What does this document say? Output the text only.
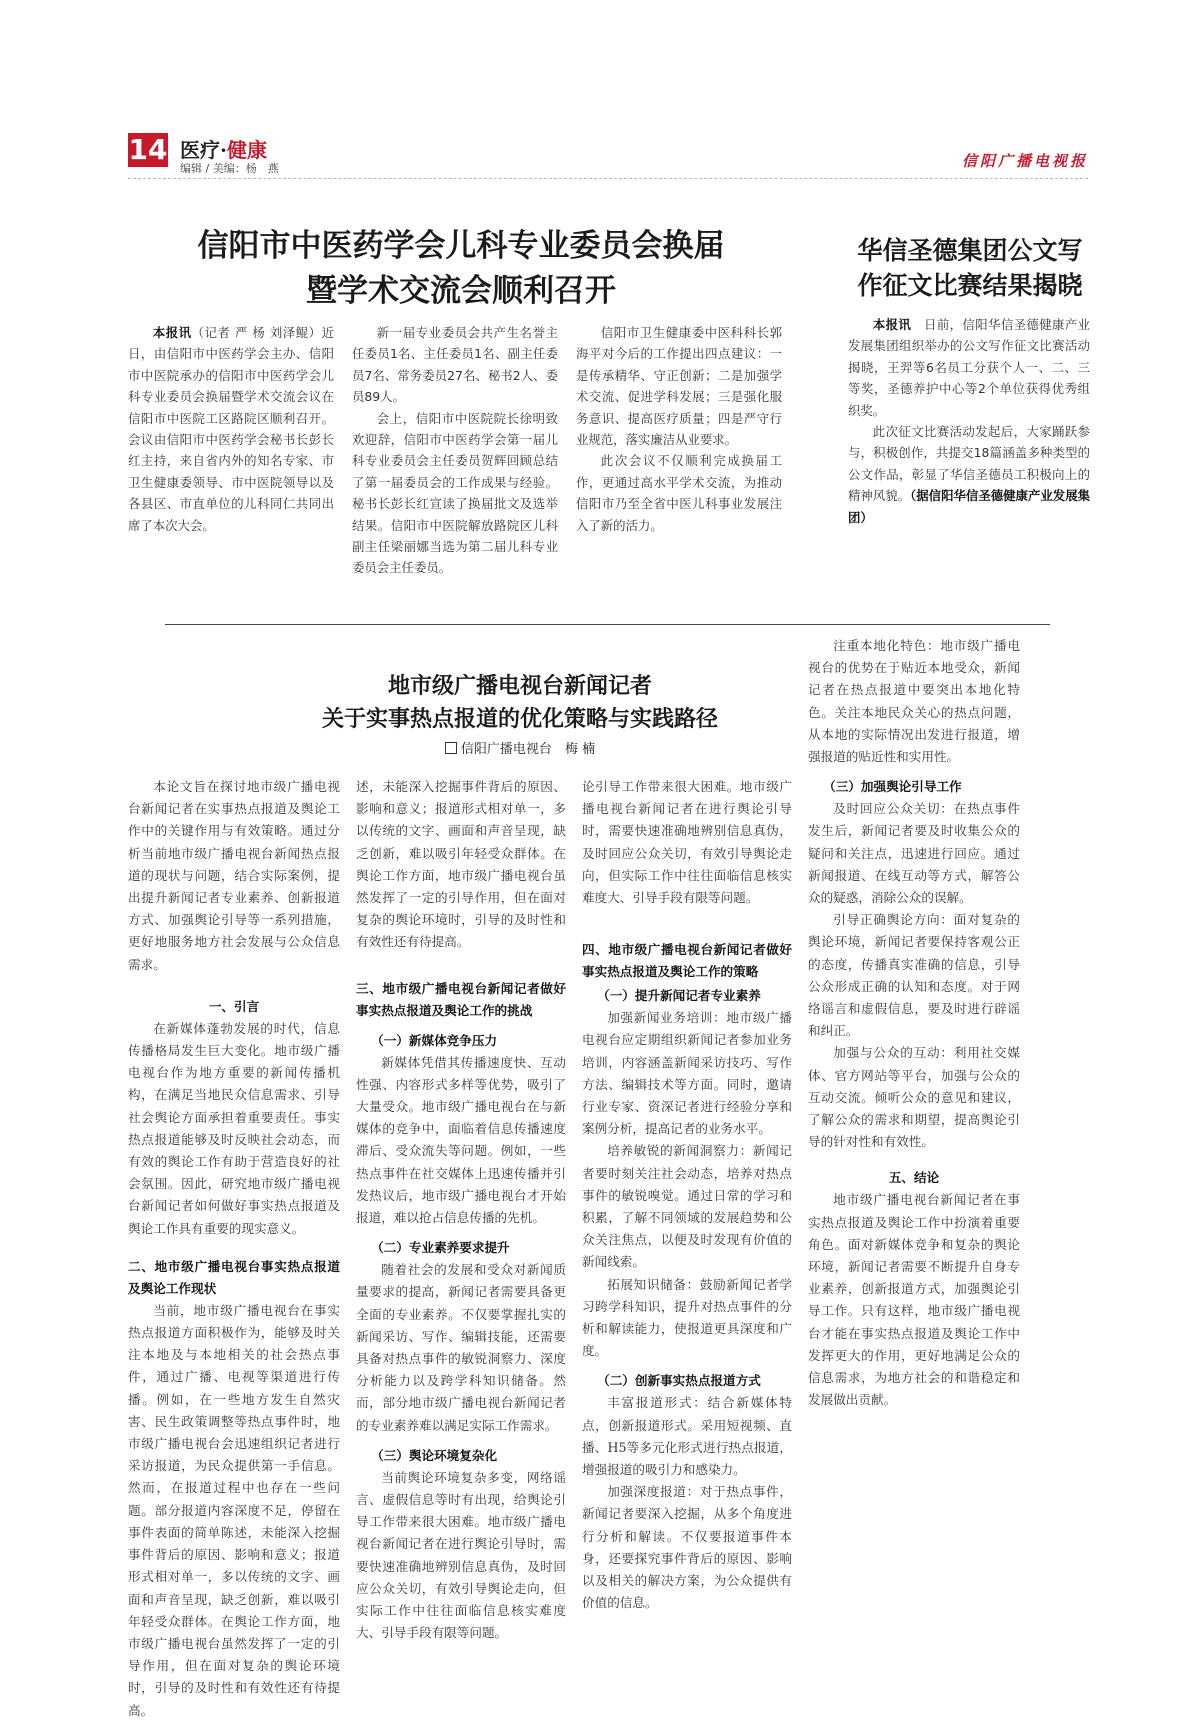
14 医疗·健康
编辑 / 美编：杨　燕	信阳广播电视报
信阳市中医药学会儿科专业委员会换届
暨学术交流会顺利召开

本报讯（记者 严 杨 刘泽鲲）近日，由信阳市中医药学会主办、信阳市中医院承办的信阳市中医药学会儿科专业委员会换届暨学术交流会议在信阳市中医院工区路院区顺利召开。会议由信阳市中医药学会秘书长彭长红主持，来自省内外的知名专家、市卫生健康委领导、市中医院领导以及各县区、市直单位的儿科同仁共同出席了本次大会。

新一届专业委员会共产生名誉主任委员1名、主任委员1名、副主任委员7名、常务委员27名、秘书2人、委员89人。

会上，信阳市中医院院长徐明致欢迎辞，信阳市中医药学会第一届儿科专业委员会主任委员贺辉回顾总结了第一届委员会的工作成果与经验。秘书长彭长红宣读了换届批文及选举结果。信阳市中医院解放路院区儿科副主任梁丽娜当选为第二届儿科专业委员会主任委员。

信阳市卫生健康委中医科科长郭海平对今后的工作提出四点建议：一是传承精华、守正创新；二是加强学术交流、促进学科发展；三是强化服务意识、提高医疗质量；四是严守行业规范，落实廉洁从业要求。

此次会议不仅顺利完成换届工作，更通过高水平学术交流，为推动信阳市乃至全省中医儿科事业发展注入了新的活力。

华信圣德集团公文写
作征文比赛结果揭晓

本报讯　 日前，信阳华信圣德健康产业发展集团组织举办的公文写作征文比赛活动揭晓，王羿等6名员工分获个人一、二、三等奖，圣德养护中心等2个单位获得优秀组织奖。

此次征文比赛活动发起后，大家踊跃参与，积极创作，共提交18篇涵盖多种类型的公文作品，彰显了华信圣德员工积极向上的精神风貌。（据信阳华信圣德健康产业发展集团）

地市级广播电视台新闻记者
关于实事热点报道的优化策略与实践路径
信阳广播电视台　 梅 楠

本论文旨在探讨地市级广播电视台新闻记者在实事热点报道及舆论工作中的关键作用与有效策略。通过分析当前地市级广播电视台新闻热点报道的现状与问题，结合实际案例，提出提升新闻记者专业素养、创新报道方式、加强舆论引导等一系列措施，更好地服务地方社会发展与公众信息需求。

一、引言

在新媒体蓬勃发展的时代，信息传播格局发生巨大变化。地市级广播电视台作为地方重要的新闻传播机构，在满足当地民众信息需求、引导社会舆论方面承担着重要责任。事实热点报道能够及时反映社会动态，而有效的舆论工作有助于营造良好的社会氛围。因此，研究地市级广播电视台新闻记者如何做好事实热点报道及舆论工作具有重要的现实意义。

二、地市级广播电视台事实热点报道及舆论工作现状

当前，地市级广播电视台在事实热点报道方面积极作为，能够及时关注本地及与本地相关的社会热点事件，通过广播、电视等渠道进行传播。例如，在一些地方发生自然灾害、民生政策调整等热点事件时，地市级广播电视台会迅速组织记者进行采访报道，为民众提供第一手信息。然而，在报道过程中也存在一些问题。部分报道内容深度不足，停留在事件表面的简单陈述，未能深入挖掘事件背后的原因、影响和意义；报道形式相对单一，多以传统的文字、画面和声音呈现，缺乏创新，难以吸引年轻受众群体。在舆论工作方面，地市级广播电视台虽然发挥了一定的引导作用，但在面对复杂的舆论环境时，引导的及时性和有效性还有待提高。

述，未能深入挖掘事件背后的原因、影响和意义；报道形式相对单一，多以传统的文字、画面和声音呈现，缺乏创新，难以吸引年轻受众群体。在舆论工作方面，地市级广播电视台虽然发挥了一定的引导作用，但在面对复杂的舆论环境时，引导的及时性和有效性还有待提高。

三、地市级广播电视台新闻记者做好事实热点报道及舆论工作的挑战
（一）新媒体竞争压力

新媒体凭借其传播速度快、互动性强、内容形式多样等优势，吸引了大量受众。地市级广播电视台在与新媒体的竞争中，面临着信息传播速度滞后、受众流失等问题。例如，一些热点事件在社交媒体上迅速传播并引发热议后，地市级广播电视台才开始报道，难以抢占信息传播的先机。

（二）专业素养要求提升

随着社会的发展和受众对新闻质量要求的提高，新闻记者需要具备更全面的专业素养。不仅要掌握扎实的新闻采访、写作、编辑技能，还需要具备对热点事件的敏锐洞察力、深度分析能力以及跨学科知识储备。然而，部分地市级广播电视台新闻记者的专业素养难以满足实际工作需求。

（三）舆论环境复杂化

当前舆论环境复杂多变，网络谣言、虚假信息等时有出现，给舆论引导工作带来很大困难。地市级广播电视台新闻记者在进行舆论引导时，需要快速准确地辨别信息真伪，及时回应公众关切，有效引导舆论走向，但实际工作中往往面临信息核实难度大、引导手段有限等问题。

论引导工作带来很大困难。地市级广播电视台新闻记者在进行舆论引导时，需要快速准确地辨别信息真伪，及时回应公众关切，有效引导舆论走向，但实际工作中往往面临信息核实难度大、引导手段有限等问题。

四、地市级广播电视台新闻记者做好事实热点报道及舆论工作的策略
（一）提升新闻记者专业素养

加强新闻业务培训：地市级广播电视台应定期组织新闻记者参加业务培训，内容涵盖新闻采访技巧、写作方法、编辑技术等方面。同时，邀请行业专家、资深记者进行经验分享和案例分析，提高记者的业务水平。

培养敏锐的新闻洞察力：新闻记者要时刻关注社会动态，培养对热点事件的敏锐嗅觉。通过日常的学习和积累，了解不同领域的发展趋势和公众关注焦点，以便及时发现有价值的新闻线索。

拓展知识储备：鼓励新闻记者学习跨学科知识，提升对热点事件的分析和解读能力，使报道更具深度和广度。

（二）创新事实热点报道方式

丰富报道形式：结合新媒体特点，创新报道形式。采用短视频、直播、H5等多元化形式进行热点报道，增强报道的吸引力和感染力。

加强深度报道：对于热点事件，新闻记者要深入挖掘，从多个角度进行分析和解读。不仅要报道事件本身，还要探究事件背后的原因、影响以及相关的解决方案，为公众提供有价值的信息。

注重本地化特色：地市级广播电视台的优势在于贴近本地受众，新闻记者在热点报道中要突出本地化特色。关注本地民众关心的热点问题，从本地的实际情况出发进行报道，增强报道的贴近性和实用性。

（三）加强舆论引导工作

及时回应公众关切：在热点事件发生后，新闻记者要及时收集公众的疑问和关注点，迅速进行回应。通过新闻报道、在线互动等方式，解答公众的疑惑，消除公众的误解。

引导正确舆论方向：面对复杂的舆论环境，新闻记者要保持客观公正的态度，传播真实准确的信息，引导公众形成正确的认知和态度。对于网络谣言和虚假信息，要及时进行辟谣和纠正。

加强与公众的互动：利用社交媒体、官方网站等平台，加强与公众的互动交流。倾听公众的意见和建议，了解公众的需求和期望，提高舆论引导的针对性和有效性。

五、结论

地市级广播电视台新闻记者在事实热点报道及舆论工作中扮演着重要角色。面对新媒体竞争和复杂的舆论环境，新闻记者需要不断提升自身专业素养，创新报道方式，加强舆论引导工作。只有这样，地市级广播电视台才能在事实热点报道及舆论工作中发挥更大的作用，更好地满足公众的信息需求，为地方社会的和谐稳定和发展做出贡献。
